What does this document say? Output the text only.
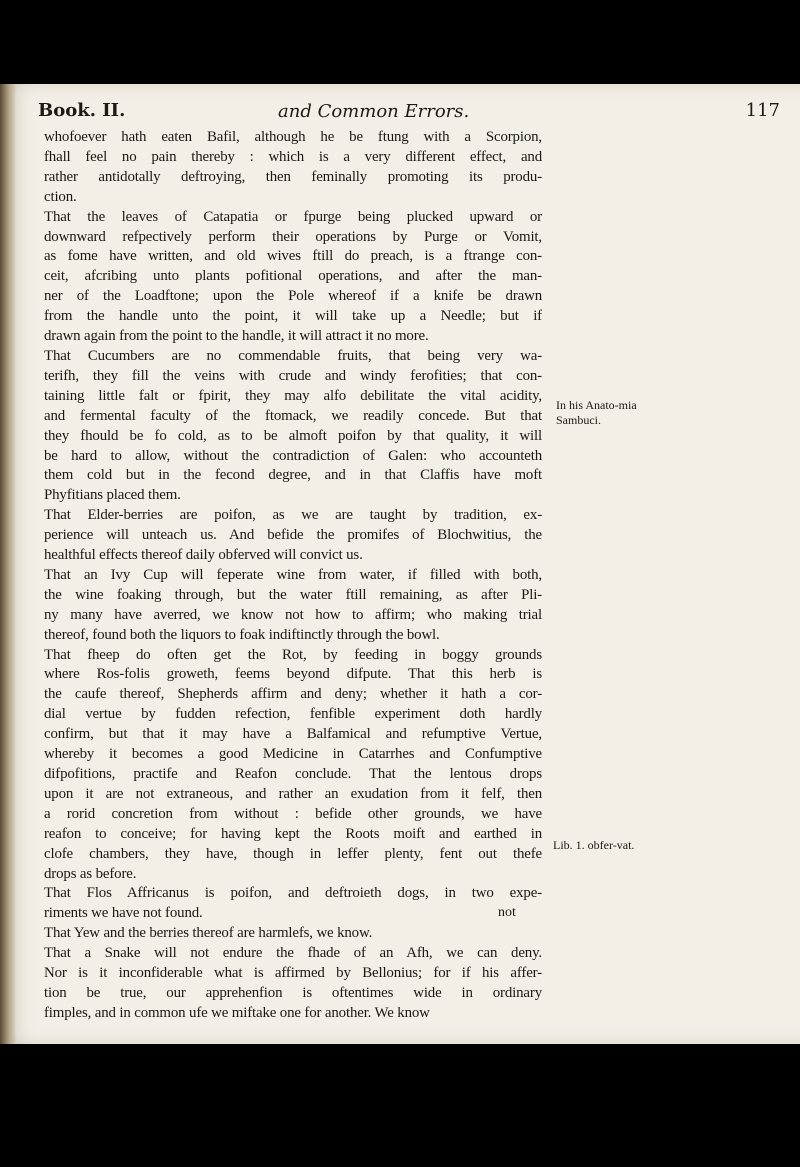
Book. II.	and Common Errors.	117
whofoever hath eaten Bafil, although he be ftung with a Scorpion,
fhall feel no pain thereby : which is a very different effect, and
rather antidotally deftroying, then feminally promoting its produ-
ction.
That the leaves of Catapatia or fpurge being plucked upward or
downward refpectively perform their operations by Purge or Vomit,
as fome have written, and old wives ftill do preach, is a ftrange con-
ceit, afcribing unto plants pofitional operations, and after the man-
ner of the Loadftone; upon the Pole whereof if a knife be drawn
from the handle unto the point, it will take up a Needle; but if
drawn again from the point to the handle, it will attract it no more.
That Cucumbers are no commendable fruits, that being very wa-
terifh, they fill the veins with crude and windy ferofities; that con-
taining little falt or fpirit, they may alfo debilitate the vital acidity,
and fermental faculty of the ftomack, we readily concede. But that
they fhould be fo cold, as to be almoft poifon by that quality, it will
be hard to allow, without the contradiction of Galen: who accounteth
them cold but in the fecond degree, and in that Claffis have moft
Phyfitians placed them.
That Elder-berries are poifon, as we are taught by tradition, ex-
perience will unteach us. And befide the promifes of Blochwitius, the
healthful effects thereof daily obferved will convict us.
That an Ivy Cup will feperate wine from water, if filled with both,
the wine foaking through, but the water ftill remaining, as after Pli-
ny many have averred, we know not how to affirm; who making trial
thereof, found both the liquors to foak indiftinctly through the bowl.
That fheep do often get the Rot, by feeding in boggy grounds
where Ros-folis groweth, feems beyond difpute. That this herb is
the caufe thereof, Shepherds affirm and deny; whether it hath a cor-
dial vertue by fudden refection, fenfible experiment doth hardly
confirm, but that it may have a Balfamical and refumptive Vertue,
whereby it becomes a good Medicine in Catarrhes and Confumptive
difpofitions, practife and Reafon conclude. That the lentous drops
upon it are not extraneous, and rather an exudation from it felf, then
a rorid concretion from without : befide other grounds, we have
reafon to conceive; for having kept the Roots moift and earthed in
clofe chambers, they have, though in leffer plenty, fent out thefe
drops as before.
That Flos Affricanus is poifon, and deftroieth dogs, in two expe-
riments we have not found.
That Yew and the berries thereof are harmlefs, we know.
That a Snake will not endure the fhade of an Afh, we can deny.
Nor is it inconfiderable what is affirmed by Bellonius; for if his affer-
tion be true, our apprehenfion is oftentimes wide in ordinary
fimples, and in common ufe we miftake one for another. We know
In his Anato-mia Sambuci.
Lib. 1. obfer-vat.
not
